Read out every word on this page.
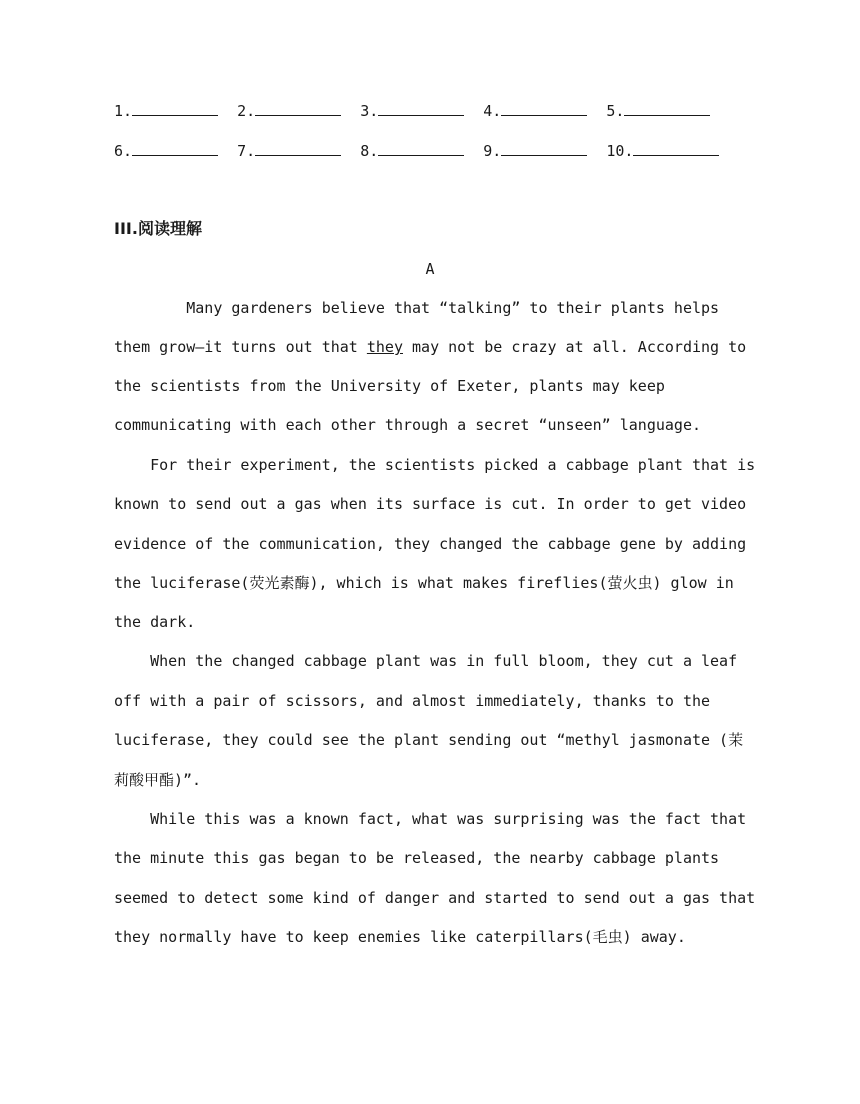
1.	2.	3.	4.	5.
6.	7.	8.	9.	10.
III.阅读理解
A
Many gardeners believe that “talking” to their plants helps
them grow—it turns out that they may not be crazy at all. According to
the scientists from the University of Exeter, plants may keep
communicating with each other through a secret “unseen” language.
For their experiment, the scientists picked a cabbage plant that is
known to send out a gas when its surface is cut. In order to get video
evidence of the communication, they changed the cabbage gene by adding
the luciferase(荧光素酶), which is what makes fireflies(萤火虫) glow in
the dark.
When the changed cabbage plant was in full bloom, they cut a leaf
off with a pair of scissors, and almost immediately, thanks to the
luciferase, they could see the plant sending out “methyl jasmonate (茉
莉酸甲酯)”.
While this was a known fact, what was surprising was the fact that
the minute this gas began to be released, the nearby cabbage plants
seemed to detect some kind of danger and started to send out a gas that
they normally have to keep enemies like caterpillars(毛虫) away.
